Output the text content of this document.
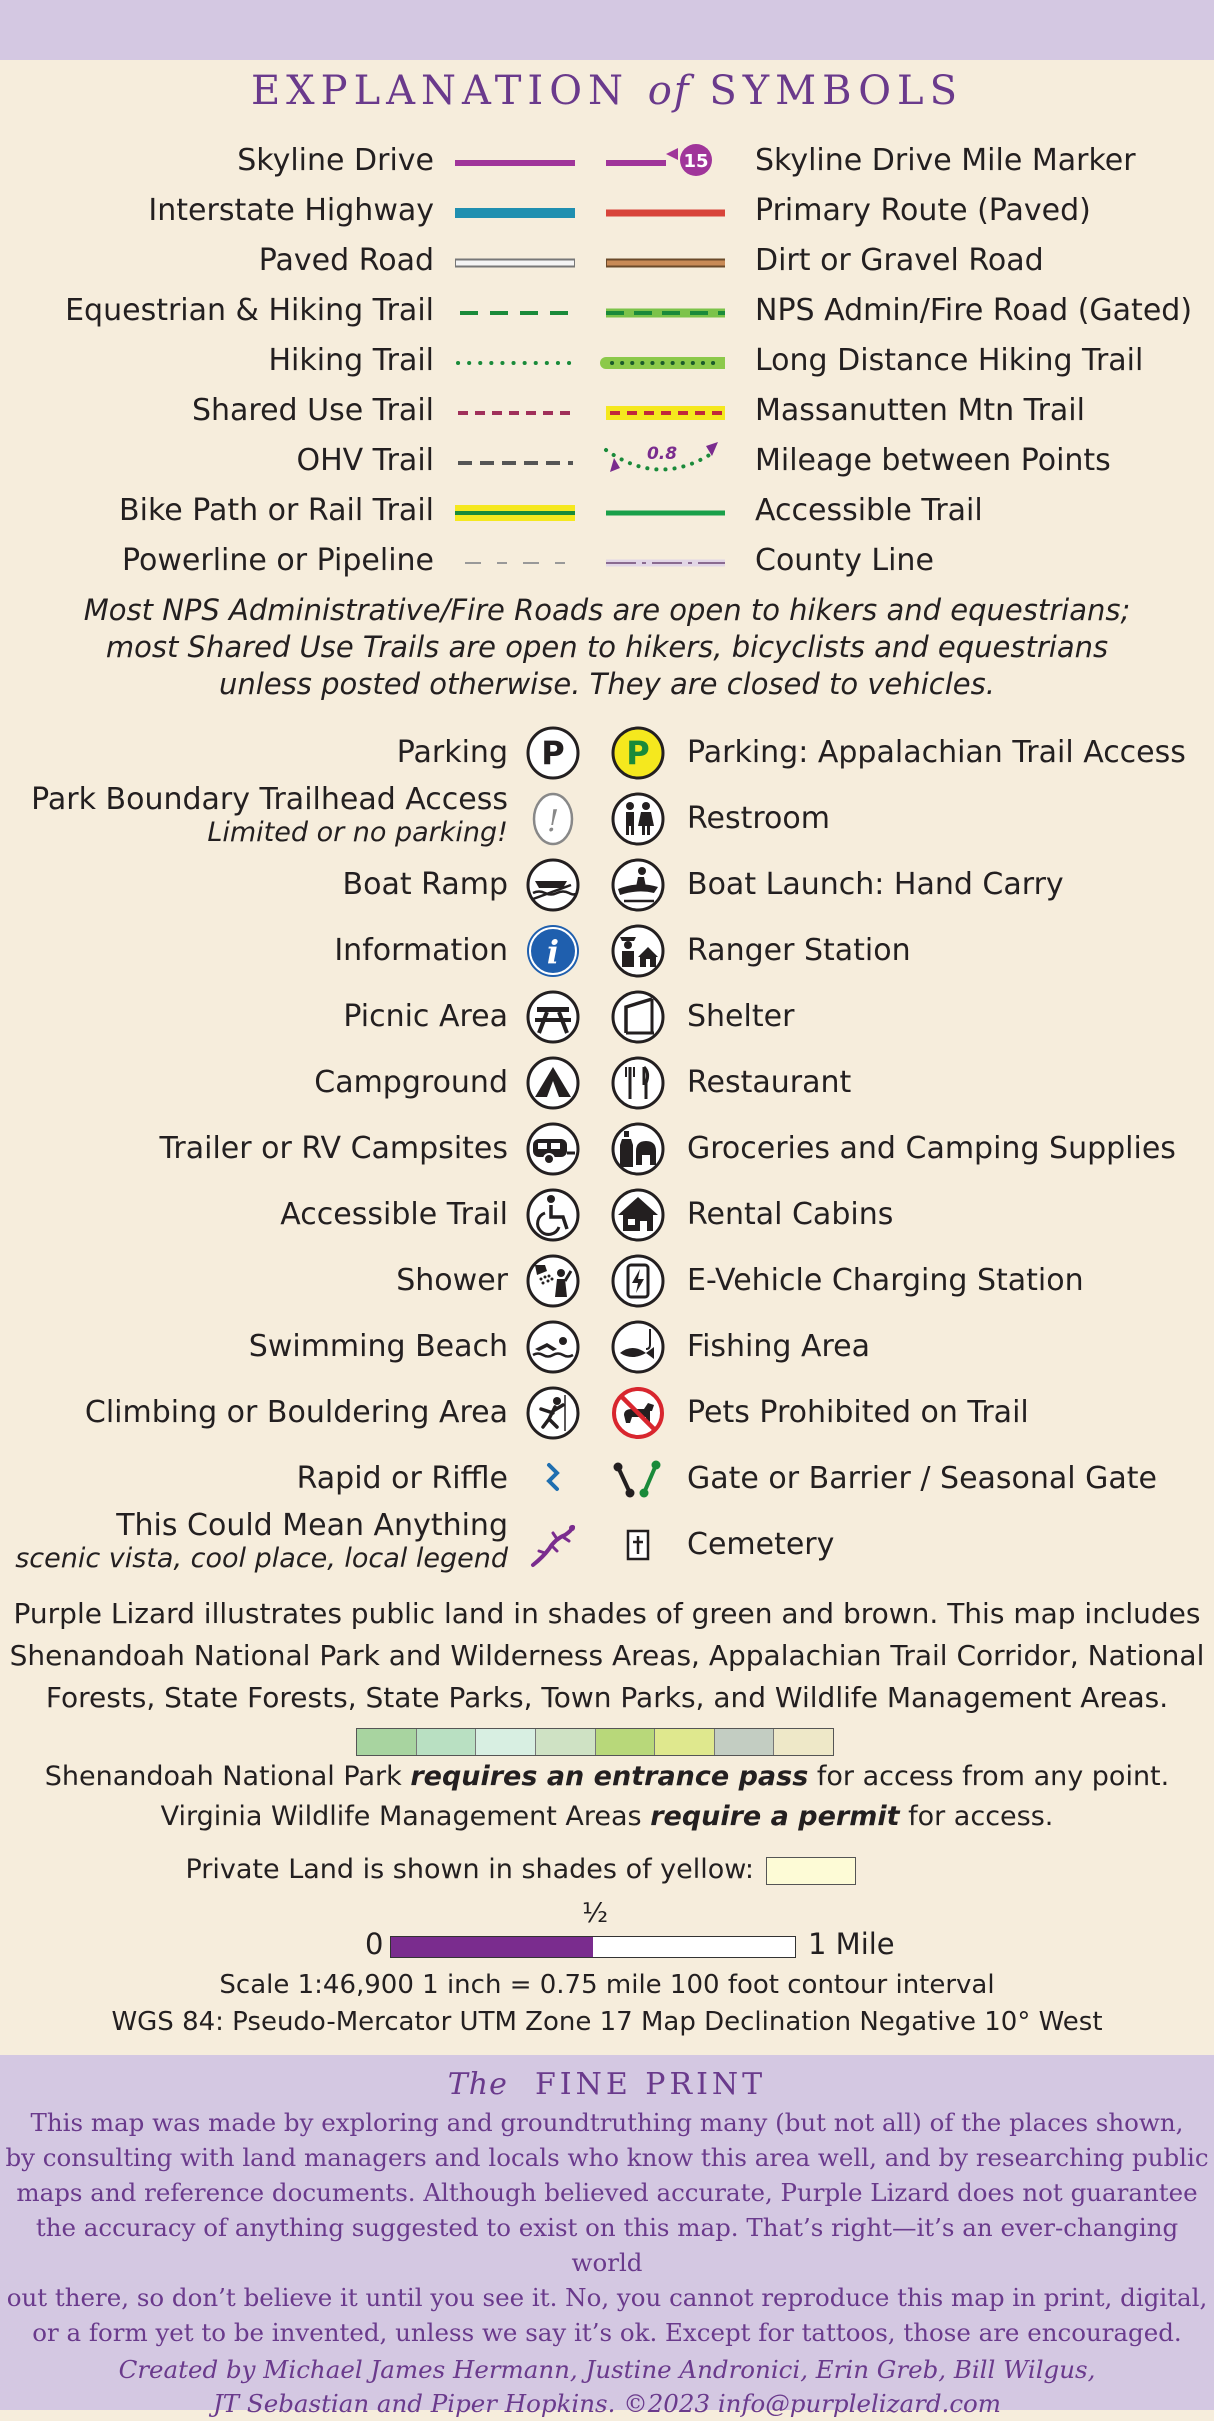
EXPLANATION of SYMBOLS
Skyline Drive	15 Skyline Drive Mile Marker
Interstate Highway	Primary Route (Paved)
Paved Road	Dirt or Gravel Road
Equestrian & Hiking Trail	NPS Admin/Fire Road (Gated)
Hiking Trail	Long Distance Hiking Trail
Shared Use Trail	Massanutten Mtn Trail
OHV Trail	0.8	Mileage between Points
Bike Path or Rail Trail	Accessible Trail
Powerline or Pipeline	County Line
Most NPS Administrative/Fire Roads are open to hikers and equestrians;
most Shared Use Trails are open to hikers, bicyclists and equestrians
unless posted otherwise. They are closed to vehicles.
Parking P P Parking: Appalachian Trail Access
Park Boundary Trailhead Access
Limited or no parking! !	Restroom
Boat Ramp	Boat Launch: Hand Carry
Information i	Ranger Station
Picnic Area	Shelter
Campground	Restaurant
Trailer or RV Campsites	Groceries and Camping Supplies
Accessible Trail	Rental Cabins
Shower	E-Vehicle Charging Station
Swimming Beach	Fishing Area
Climbing or Bouldering Area	Pets Prohibited on Trail
Rapid or Riffle	Gate or Barrier / Seasonal Gate
This Could Mean Anything
scenic vista, cool place, local legend	Cemetery
Purple Lizard illustrates public land in shades of green and brown. This map includes
Shenandoah National Park and Wilderness Areas, Appalachian Trail Corridor, National
Forests, State Forests, State Parks, Town Parks, and Wildlife Management Areas.
Shenandoah National Park requires an entrance pass for access from any point.
Virginia Wildlife Management Areas require a permit for access.
Private Land is shown in shades of yellow:
0
½
1 Mile
Scale 1:46,900 1 inch = 0.75 mile 100 foot contour interval
WGS 84: Pseudo-Mercator UTM Zone 17 Map Declination Negative 10° West
The FINE PRINT
This map was made by exploring and groundtruthing many (but not all) of the places shown,
by consulting with land managers and locals who know this area well, and by researching public
maps and reference documents. Although believed accurate, Purple Lizard does not guarantee
the accuracy of anything suggested to exist on this map. That’s right—it’s an ever-changing world
out there, so don’t believe it until you see it. No, you cannot reproduce this map in print, digital,
or a form yet to be invented, unless we say it’s ok. Except for tattoos, those are encouraged.
Created by Michael James Hermann, Justine Andronici, Erin Greb, Bill Wilgus,
JT Sebastian and Piper Hopkins. ©2023 info@purplelizard.com
